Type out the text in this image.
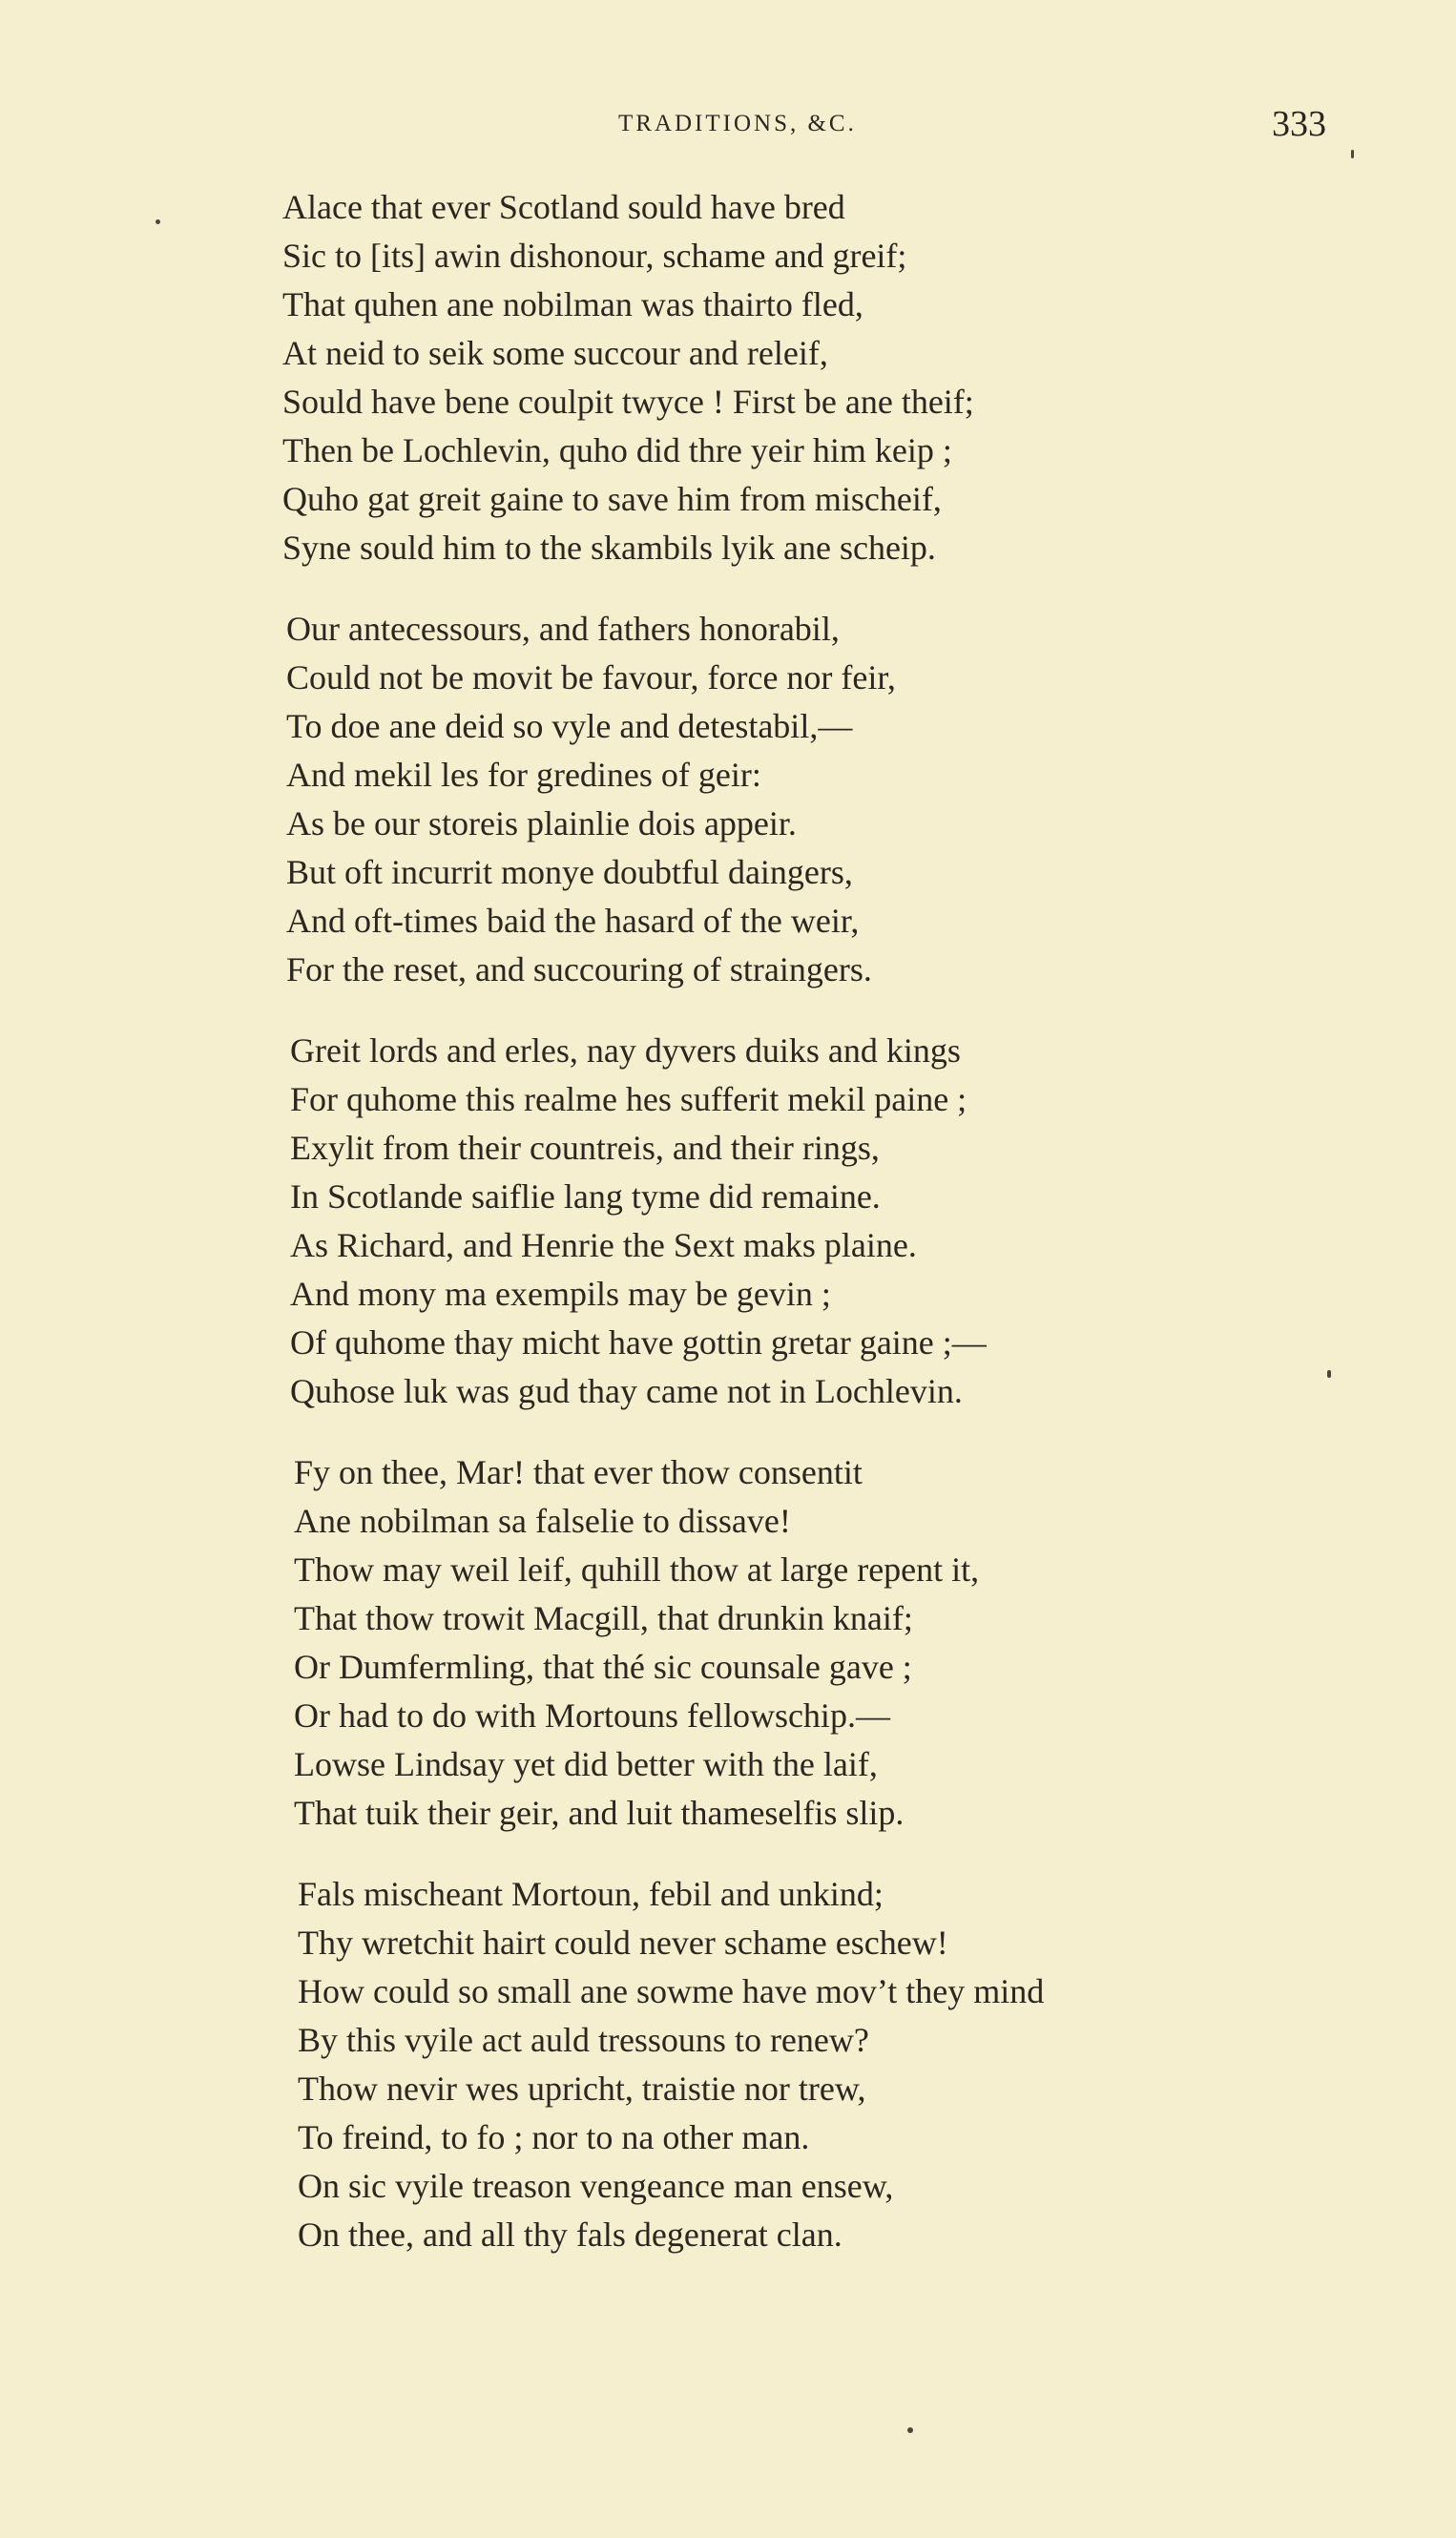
TRADITIONS, &C.	333
Alace that ever Scotland sould have bred
Sic to [its] awin dishonour, schame and greif;
That quhen ane nobilman was thairto fled,
At neid to seik some succour and releif,
Sould have bene coulpit twyce ! First be ane theif;
Then be Lochlevin, quho did thre yeir him keip ;
Quho gat greit gaine to save him from mischeif,
Syne sould him to the skambils lyik ane scheip.
Our antecessours, and fathers honorabil,
Could not be movit be favour, force nor feir,
To doe ane deid so vyle and detestabil,—
And mekil les for gredines of geir:
As be our storeis plainlie dois appeir.
But oft incurrit monye doubtful daingers,
And oft-times baid the hasard of the weir,
For the reset, and succouring of straingers.
Greit lords and erles, nay dyvers duiks and kings
For quhome this realme hes sufferit mekil paine ;
Exylit from their countreis, and their rings,
In Scotlande saiflie lang tyme did remaine.
As Richard, and Henrie the Sext maks plaine.
And mony ma exempils may be gevin ;
Of quhome thay micht have gottin gretar gaine ;—
Quhose luk was gud thay came not in Lochlevin.
Fy on thee, Mar! that ever thow consentit
Ane nobilman sa falselie to dissave!
Thow may weil leif, quhill thow at large repent it,
That thow trowit Macgill, that drunkin knaif;
Or Dumfermling, that thé sic counsale gave ;
Or had to do with Mortouns fellowschip.—
Lowse Lindsay yet did better with the laif,
That tuik their geir, and luit thameselfis slip.
Fals mischeant Mortoun, febil and unkind;
Thy wretchit hairt could never schame eschew!
How could so small ane sowme have mov’t they mind
By this vyile act auld tressouns to renew?
Thow nevir wes upricht, traistie nor trew,
To freind, to fo ; nor to na other man.
On sic vyile treason vengeance man ensew,
On thee, and all thy fals degenerat clan.
